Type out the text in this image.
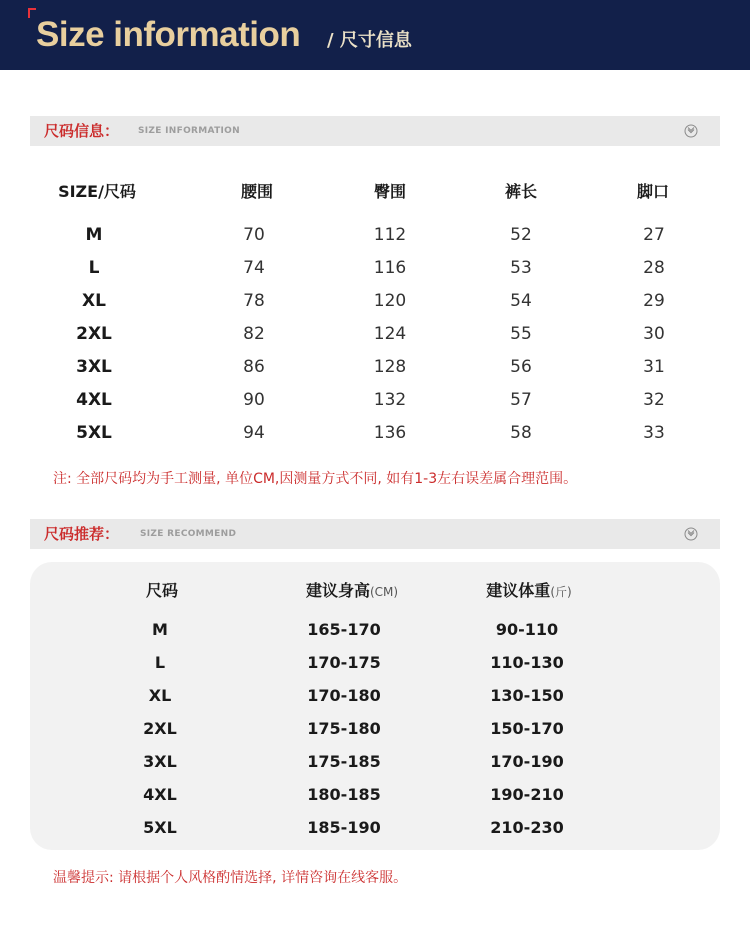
Size information / 尺寸信息
尺码信息： SIZE INFORMATION
SIZE/尺码	腰围	臀围	裤长	脚口
M	70	112	52	27
L	74	116	53	28
XL	78	120	54	29
2XL	82	124	55	30
3XL	86	128	56	31
4XL	90	132	57	32
5XL	94	136	58	33
注: 全部尺码均为手工测量, 单位CM,因测量方式不同, 如有1-3左右误差属合理范围。
尺码推荐： SIZE RECOMMEND
尺码	建议身高(CM)	建议体重(斤)
M	165-170	90-110
L	170-175	110-130
XL	170-180	130-150
2XL	175-180	150-170
3XL	175-185	170-190
4XL	180-185	190-210
5XL	185-190	210-230
温馨提示: 请根据个人风格酌情选择, 详情咨询在线客服。
